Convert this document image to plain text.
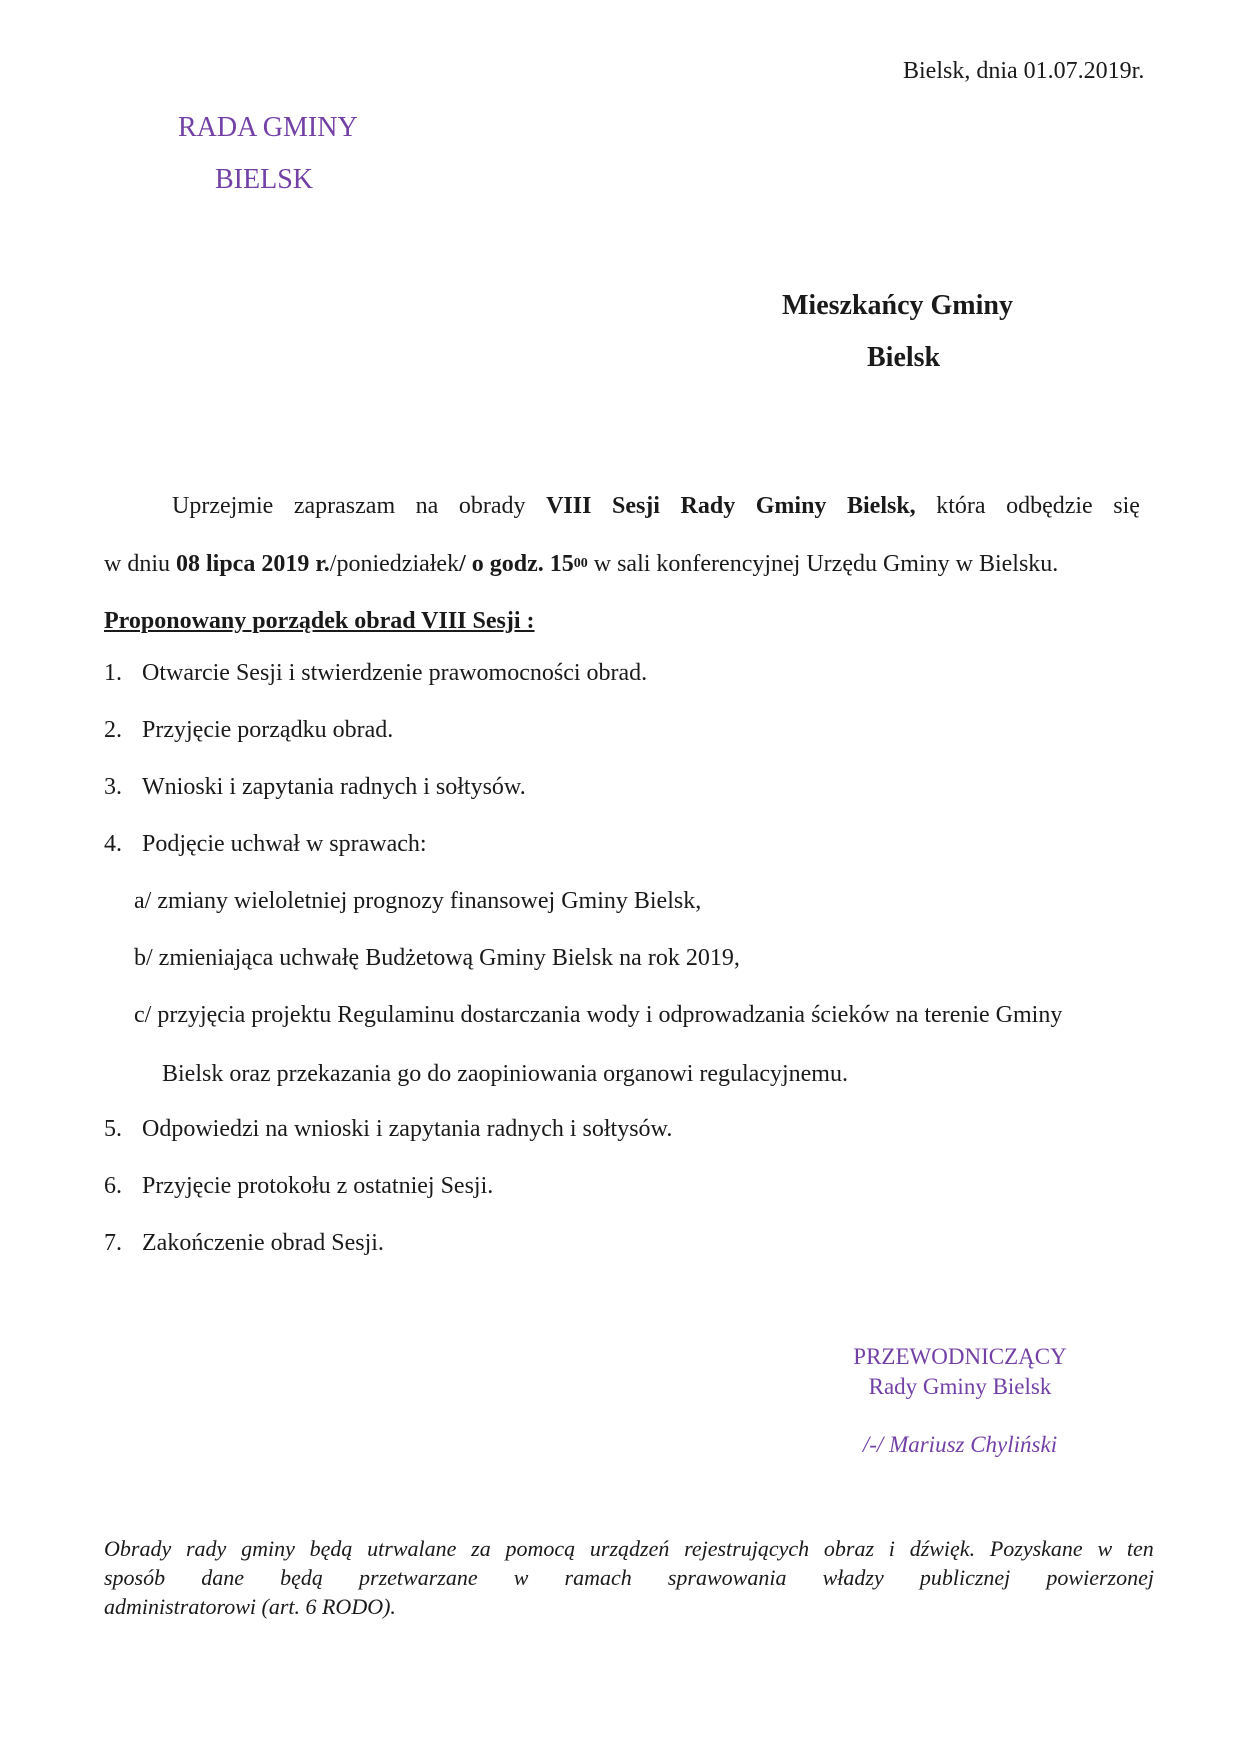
Bielsk, dnia 01.07.2019r.
RADA GMINY
BIELSK
Mieszkańcy Gminy
Bielsk
Uprzejmie zapraszam na obrady VIII Sesji Rady Gminy Bielsk, która odbędzie się
w dniu 08 lipca 2019 r./poniedziałek/ o godz. $15^{00}$ w sali konferencyjnej Urzędu Gminy w Bielsku.
Proponowany porządek obrad VIII Sesji :
1. Otwarcie Sesji i stwierdzenie prawomocności obrad.
2. Przyjęcie porządku obrad.
3. Wnioski i zapytania radnych i sołtysów.
4. Podjęcie uchwał w sprawach:
a/ zmiany wieloletniej prognozy finansowej Gminy Bielsk,
b/ zmieniająca uchwałę Budżetową Gminy Bielsk na rok 2019,
c/ przyjęcia projektu Regulaminu dostarczania wody i odprowadzania ścieków na terenie Gminy
Bielsk oraz przekazania go do zaopiniowania organowi regulacyjnemu.
5. Odpowiedzi na wnioski i zapytania radnych i sołtysów.
6. Przyjęcie protokołu z ostatniej Sesji.
7. Zakończenie obrad Sesji.
PRZEWODNICZĄCY
Rady Gminy Bielsk
/-/ Mariusz Chyliński
Obrady rady gminy będą utrwalane za pomocą urządzeń rejestrujących obraz i dźwięk. Pozyskane w ten
sposób dane będą przetwarzane w ramach sprawowania władzy publicznej powierzonej
administratorowi (art. 6 RODO).
